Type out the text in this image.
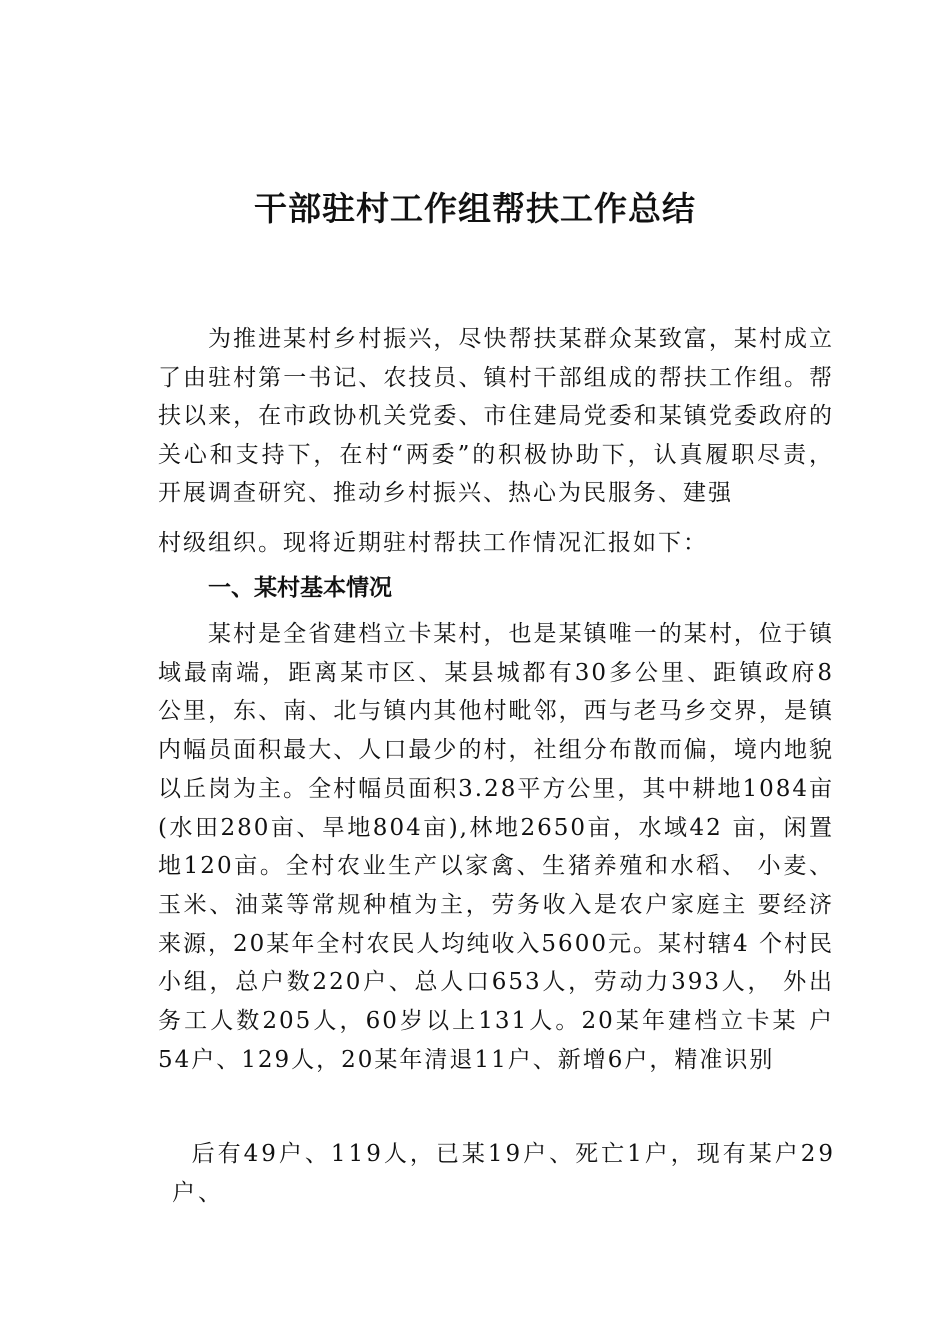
干部驻村工作组帮扶工作总结

为推进某村乡村振兴，尽快帮扶某群众某致富，某村成立了由驻村第一书记、农技员、镇村干部组成的帮扶工作组。帮扶以来，在市政协机关党委、市住建局党委和某镇党委政府的关心和支持下，在村“两委”的积极协助下，认真履职尽责，开展调查研究、推动乡村振兴、热心为民服务、建强

村级组织。现将近期驻村帮扶工作情况汇报如下：

一、某村基本情况

某村是全省建档立卡某村，也是某镇唯一的某村，位于镇域最南端，距离某市区、某县城都有30多公里、距镇政府8 公里，东、南、北与镇内其他村毗邻，西与老马乡交界，是镇内幅员面积最大、人口最少的村，社组分布散而偏，境内地貌以丘岗为主。全村幅员面积3.28平方公里，其中耕地1084亩(水田280亩、旱地804亩),林地2650亩，水域42 亩，闲置地120亩。全村农业生产以家禽、生猪养殖和水稻、 小麦、玉米、油菜等常规种植为主，劳务收入是农户家庭主 要经济来源，20某年全村农民人均纯收入5600元。某村辖4 个村民小组，总户数220户、总人口653人，劳动力393人， 外出务工人数205人，60岁以上131人。20某年建档立卡某 户54户、129人，20某年清退11户、新增6户，精准识别

后有49户、119人，已某19户、死亡1户，现有某户29户、
